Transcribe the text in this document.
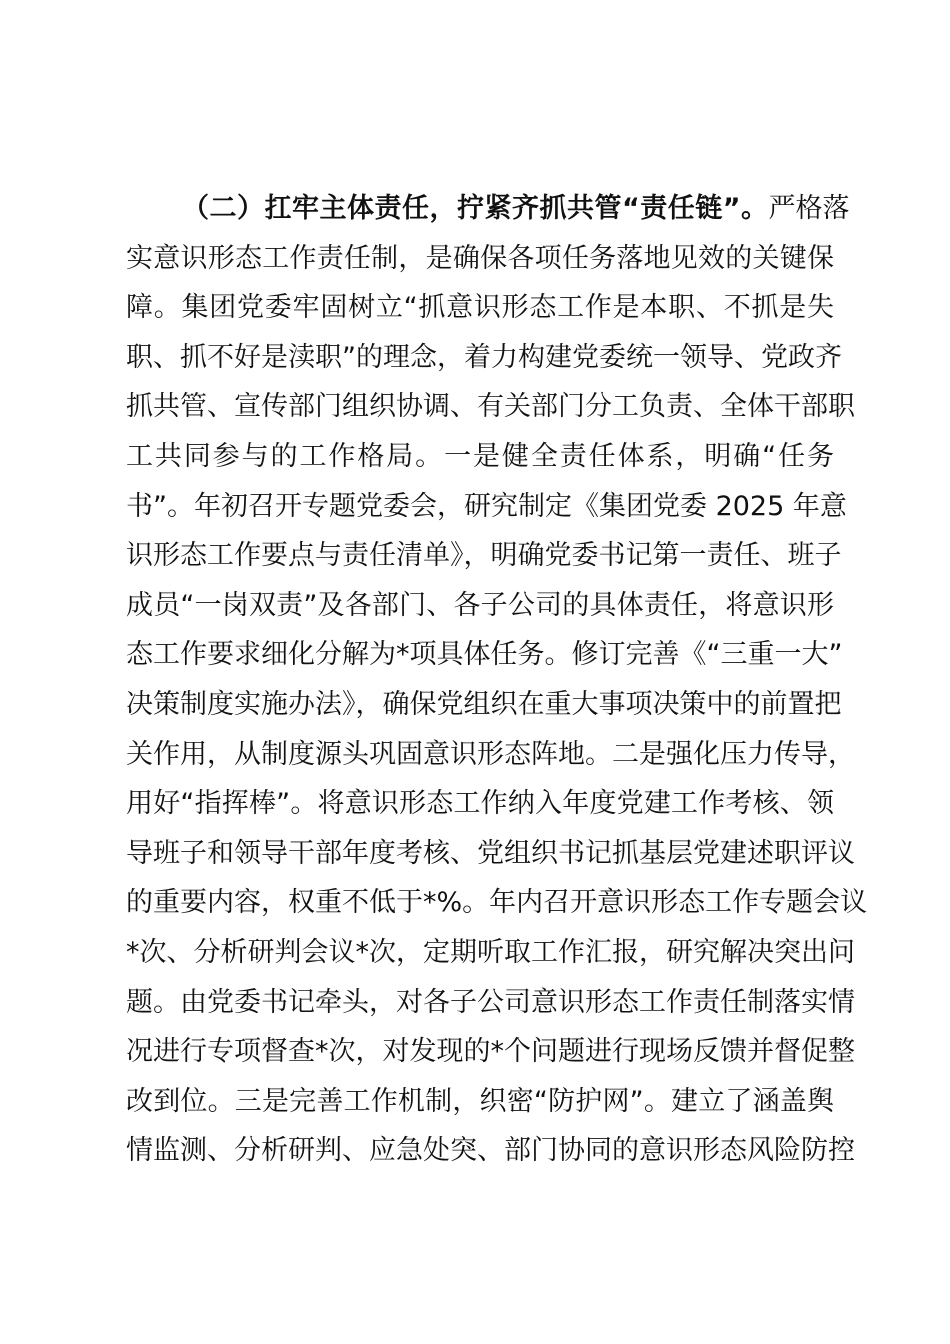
（二）扛牢主体责任，拧紧齐抓共管“责任链”。严格落
实意识形态工作责任制，是确保各项任务落地见效的关键保
障。集团党委牢固树立“抓意识形态工作是本职、不抓是失
职、抓不好是渎职”的理念，着力构建党委统一领导、党政齐
抓共管、宣传部门组织协调、有关部门分工负责、全体干部职
工共同参与的工作格局。一是健全责任体系，明确“任务
书”。年初召开专题党委会，研究制定《集团党委 2025 年意
识形态工作要点与责任清单》，明确党委书记第一责任、班子
成员“一岗双责”及各部门、各子公司的具体责任，将意识形
态工作要求细化分解为*项具体任务。修订完善《“三重一大”
决策制度实施办法》，确保党组织在重大事项决策中的前置把
关作用，从制度源头巩固意识形态阵地。二是强化压力传导，
用好“指挥棒”。将意识形态工作纳入年度党建工作考核、领
导班子和领导干部年度考核、党组织书记抓基层党建述职评议
的重要内容，权重不低于*%。年内召开意识形态工作专题会议
*次、分析研判会议*次，定期听取工作汇报，研究解决突出问
题。由党委书记牵头，对各子公司意识形态工作责任制落实情
况进行专项督查*次，对发现的*个问题进行现场反馈并督促整
改到位。三是完善工作机制，织密“防护网”。建立了涵盖舆
情监测、分析研判、应急处突、部门协同的意识形态风险防控
